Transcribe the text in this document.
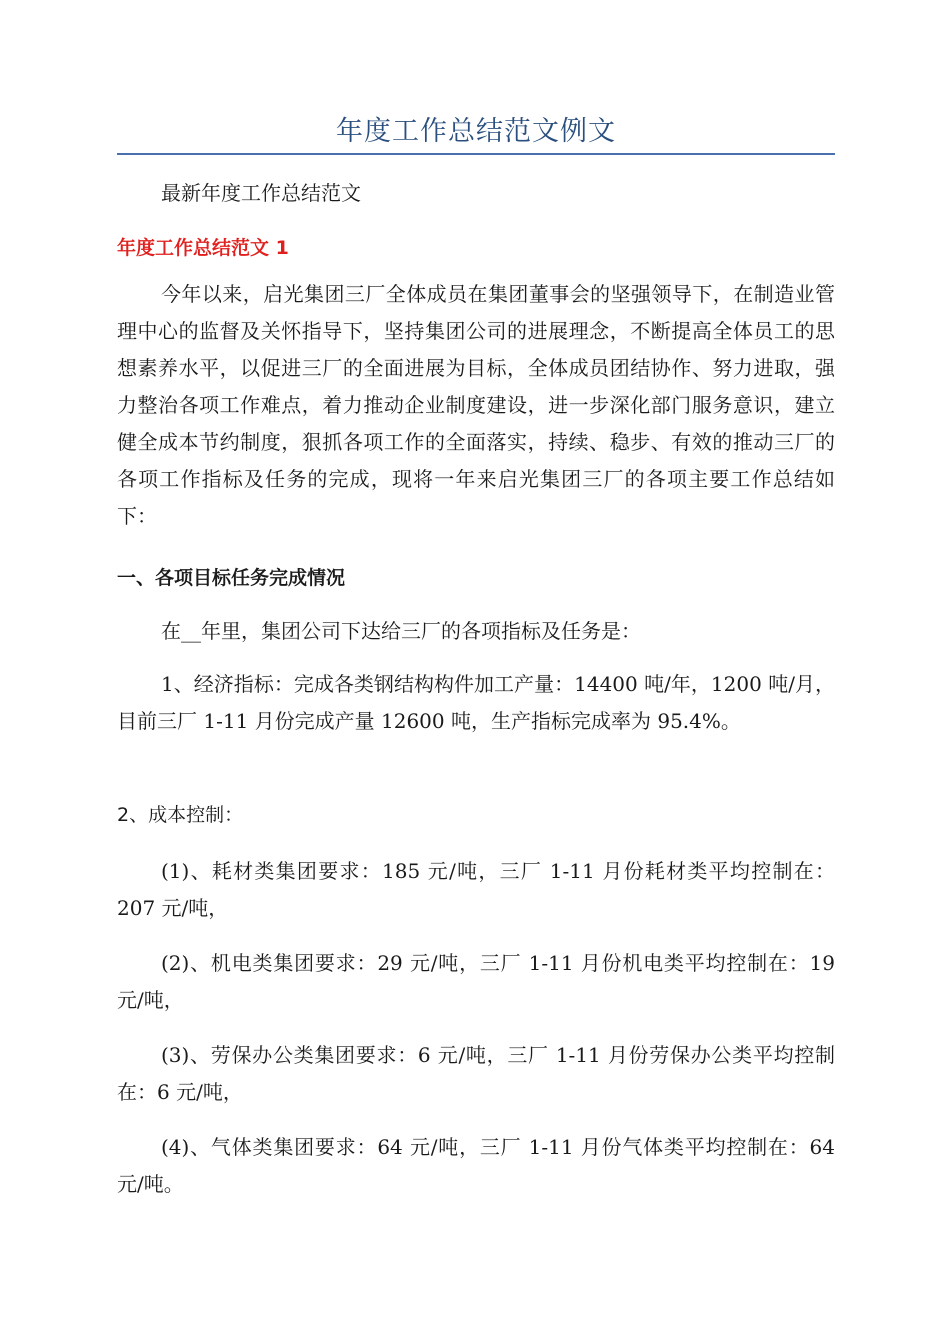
年度工作总结范文例文

最新年度工作总结范文

年度工作总结范文 1

今年以来，启光集团三厂全体成员在集团董事会的坚强领导下，在制造业管理中心的监督及关怀指导下，坚持集团公司的进展理念，不断提高全体员工的思想素养水平，以促进三厂的全面进展为目标，全体成员团结协作、努力进取，强力整治各项工作难点，着力推动企业制度建设，进一步深化部门服务意识，建立健全成本节约制度，狠抓各项工作的全面落实，持续、稳步、有效的推动三厂的各项工作指标及任务的完成，现将一年来启光集团三厂的各项主要工作总结如下：

一、各项目标任务完成情况

在__年里，集团公司下达给三厂的各项指标及任务是：

1、经济指标：完成各类钢结构构件加工产量：14400 吨/年，1200 吨/月，目前三厂 1-11 月份完成产量 12600 吨，生产指标完成率为 95.4%。

2、成本控制：

(1)、耗材类集团要求：185 元/吨，三厂 1-11 月份耗材类平均控制在：207 元/吨，

(2)、机电类集团要求：29 元/吨，三厂 1-11 月份机电类平均控制在：19 元/吨，

(3)、劳保办公类集团要求：6 元/吨，三厂 1-11 月份劳保办公类平均控制在：6 元/吨，

(4)、气体类集团要求：64 元/吨，三厂 1-11 月份气体类平均控制在：64 元/吨。
